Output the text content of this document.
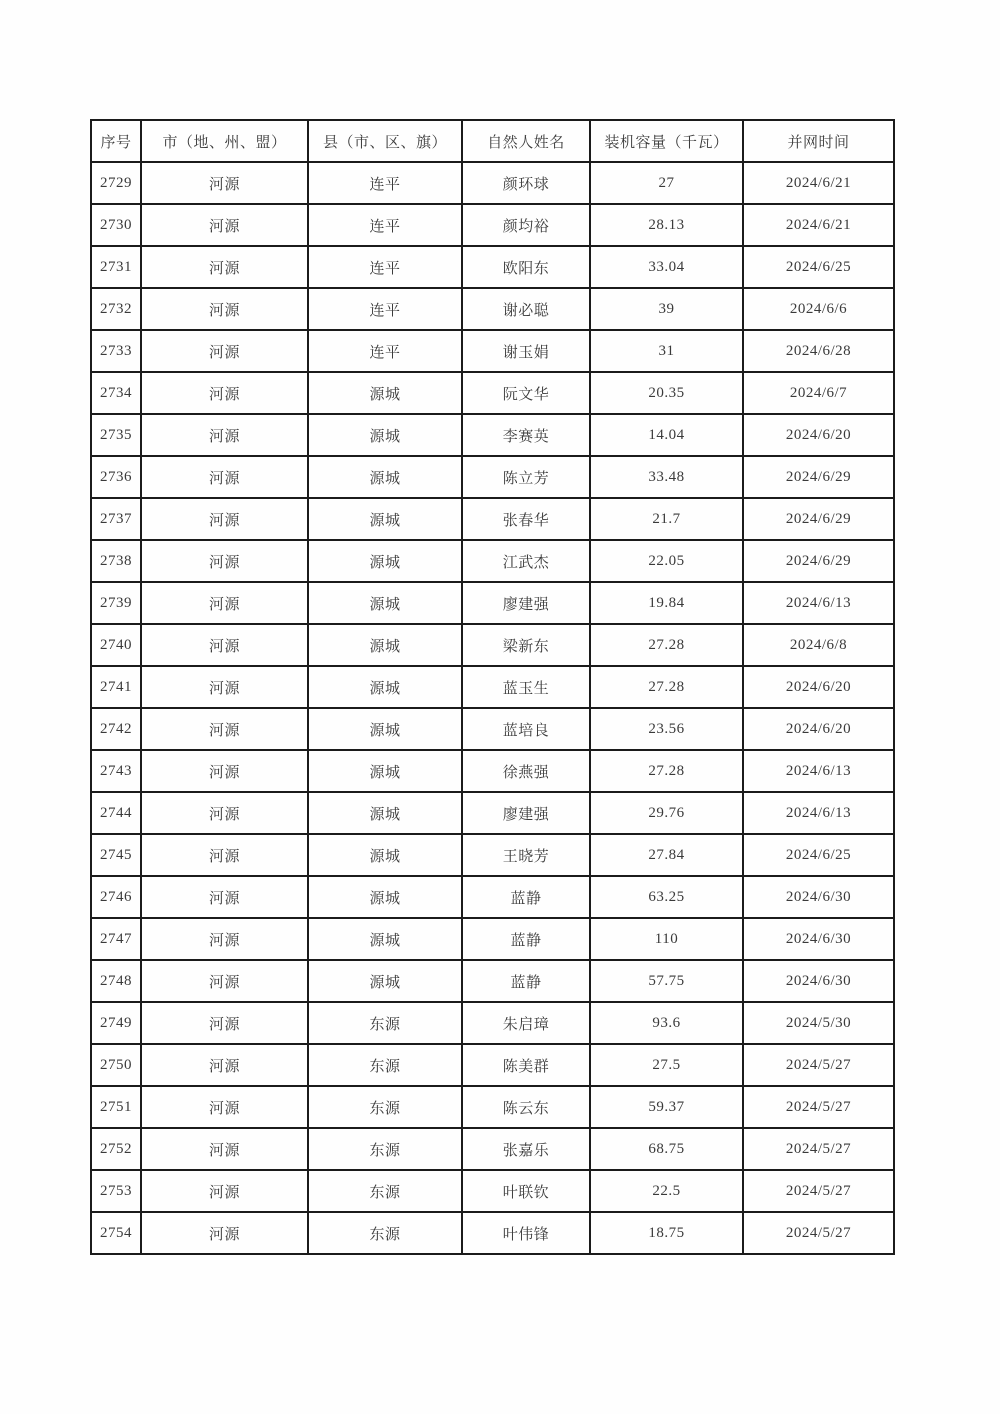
序号	市（地、州、盟）	县（市、区、旗）	自然人姓名	装机容量（千瓦）	并网时间
2729	河源	连平	颜环球	27	2024/6/21
2730	河源	连平	颜均裕	28.13	2024/6/21
2731	河源	连平	欧阳东	33.04	2024/6/25
2732	河源	连平	谢必聪	39	2024/6/6
2733	河源	连平	谢玉娟	31	2024/6/28
2734	河源	源城	阮文华	20.35	2024/6/7
2735	河源	源城	李赛英	14.04	2024/6/20
2736	河源	源城	陈立芳	33.48	2024/6/29
2737	河源	源城	张春华	21.7	2024/6/29
2738	河源	源城	江武杰	22.05	2024/6/29
2739	河源	源城	廖建强	19.84	2024/6/13
2740	河源	源城	梁新东	27.28	2024/6/8
2741	河源	源城	蓝玉生	27.28	2024/6/20
2742	河源	源城	蓝培良	23.56	2024/6/20
2743	河源	源城	徐燕强	27.28	2024/6/13
2744	河源	源城	廖建强	29.76	2024/6/13
2745	河源	源城	王晓芳	27.84	2024/6/25
2746	河源	源城	蓝静	63.25	2024/6/30
2747	河源	源城	蓝静	110	2024/6/30
2748	河源	源城	蓝静	57.75	2024/6/30
2749	河源	东源	朱启璋	93.6	2024/5/30
2750	河源	东源	陈美群	27.5	2024/5/27
2751	河源	东源	陈云东	59.37	2024/5/27
2752	河源	东源	张嘉乐	68.75	2024/5/27
2753	河源	东源	叶联钦	22.5	2024/5/27
2754	河源	东源	叶伟锋	18.75	2024/5/27
